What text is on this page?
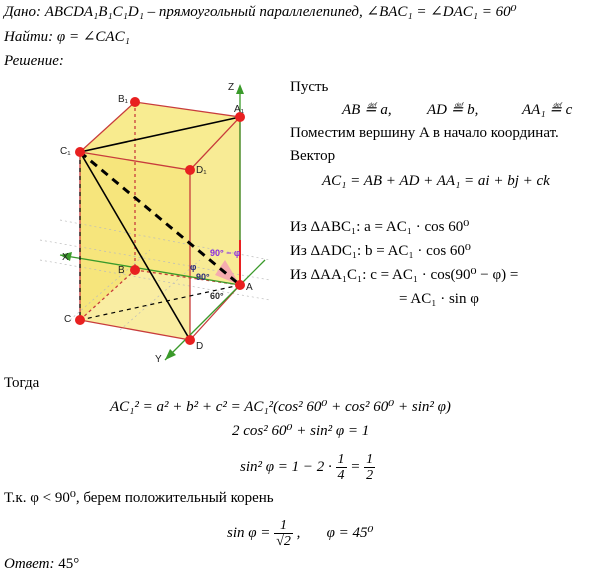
Дано: ABCDA₁B₁C₁D₁ – прямоугольный параллелепипед, ∠BAC₁ = ∠DAC₁ = 60⁰
Найти: φ = ∠CAC₁
Решение:
Z
X
Y
A
A₁
B₁
B
C₁
C
D₁
D
90° − φ
90°
60°
φ
Пусть
AB ≝ a, AD ≝ b,	AA₁ ≝ c
Поместим вершину A в начало координат.
Вектор
AC₁ = AB + AD + AA₁ = ai + bj + ck
Из ΔABC₁: a = AC₁ · cos 60⁰
Из ΔADC₁: b = AC₁ · cos 60⁰
Из ΔAA₁C₁: c = AC₁ · cos(90⁰ − φ) =
= AC₁ · sin φ
Тогда
AC₁² = a² + b² + c² = AC₁²(cos² 60⁰ + cos² 60⁰ + sin² φ)
2 cos² 60⁰ + sin² φ = 1
sin² $\varphi = 1 - 2 \cdot \frac{1}{4} = \frac{1}{2}$
Т.к. φ < 90⁰, берем положительный корень
$\sin \varphi = \frac{1}{√2}$ ,       φ = 45⁰
Ответ: 45°
